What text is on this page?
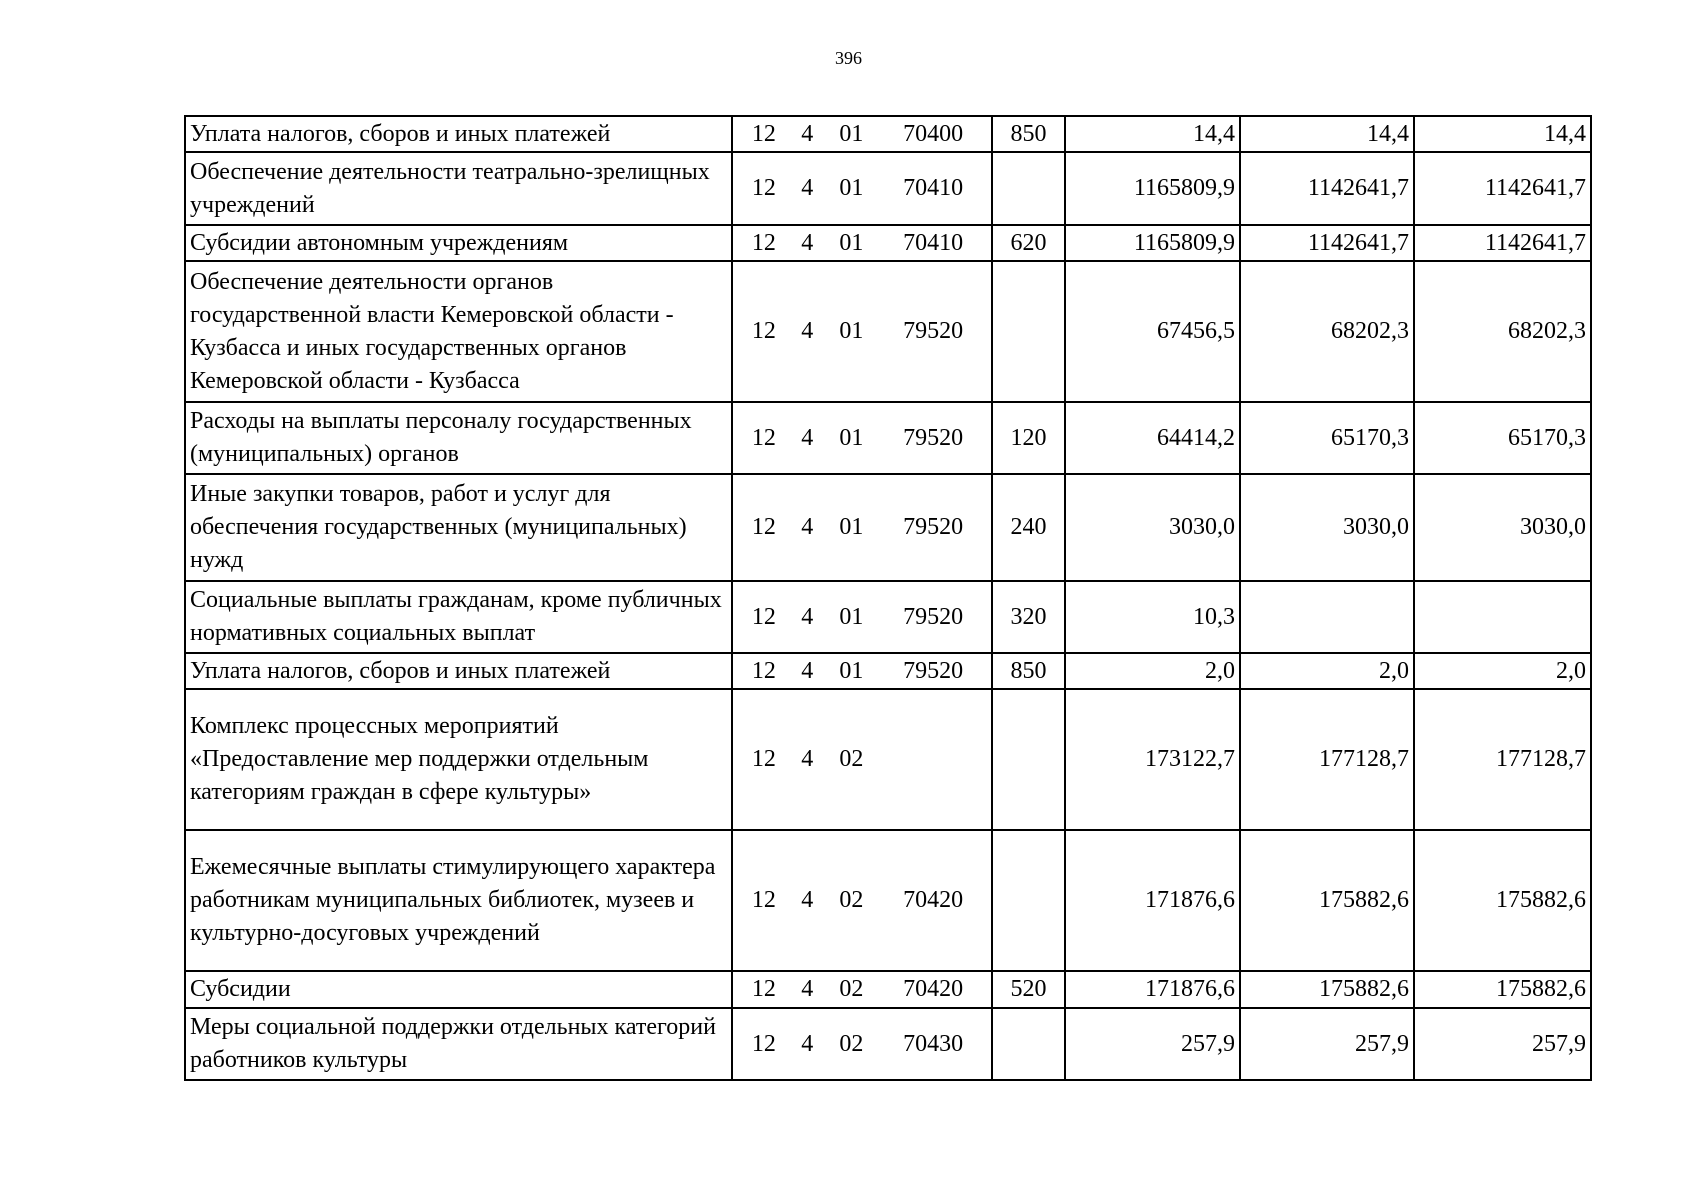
396
Уплата налогов, сборов и иных платежей	12 4 01 70400	850	14,4	14,4	14,4
Обеспечение деятельности театрально-зрелищных учреждений	12 4 01 70410		1165809,9	1142641,7	1142641,7
Субсидии автономным учреждениям	12 4 01 70410	620	1165809,9	1142641,7	1142641,7
Обеспечение деятельности органов государственной власти Кемеровской области - Кузбасса и иных государственных органов Кемеровской области - Кузбасса	12 4 01 79520		67456,5	68202,3	68202,3
Расходы на выплаты персоналу государственных (муниципальных) органов	12 4 01 79520	120	64414,2	65170,3	65170,3
Иные закупки товаров, работ и услуг для обеспечения государственных (муниципальных) нужд	12 4 01 79520	240	3030,0	3030,0	3030,0
Социальные выплаты гражданам, кроме публичных нормативных социальных выплат	12 4 01 79520	320	10,3		
Уплата налогов, сборов и иных платежей	12 4 01 79520	850	2,0	2,0	2,0
Комплекс процессных мероприятий «Предоставление мер поддержки отдельным категориям граждан в сфере культуры»	12 4 02		173122,7	177128,7	177128,7
Ежемесячные выплаты стимулирующего характера работникам муниципальных библиотек, музеев и культурно-досуговых учреждений	12 4 02 70420		171876,6	175882,6	175882,6
Субсидии	12 4 02 70420	520	171876,6	175882,6	175882,6
Меры социальной поддержки отдельных категорий работников культуры	12 4 02 70430		257,9	257,9	257,9
